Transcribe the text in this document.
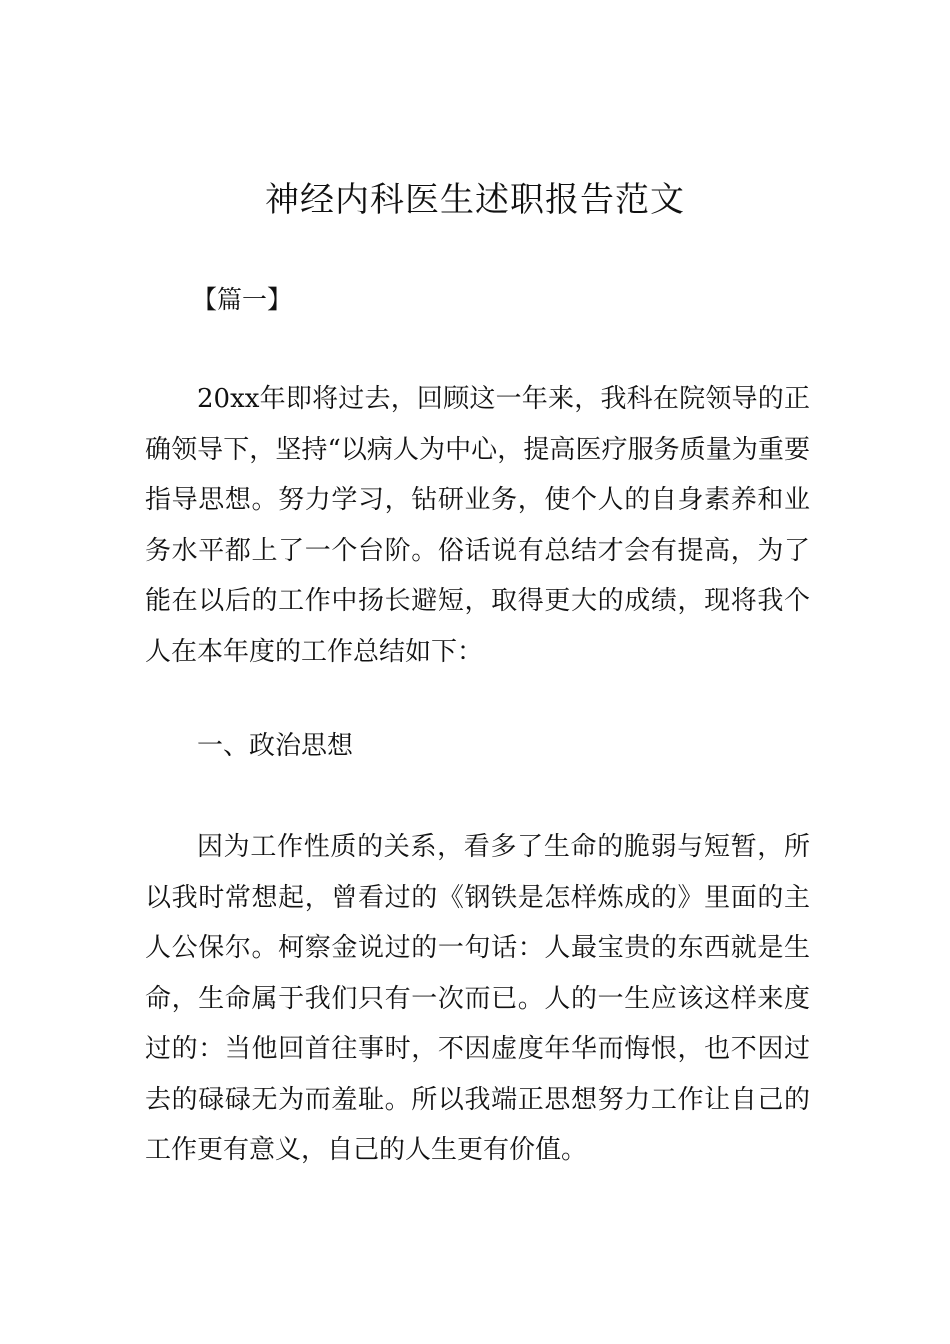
神经内科医生述职报告范文
【篇一】

20xx年即将过去，回顾这一年来，我科在院领导的正确领导下，坚持“以病人为中心，提高医疗服务质量为重要指导思想。努力学习，钻研业务，使个人的自身素养和业务水平都上了一个台阶。俗话说有总结才会有提高，为了能在以后的工作中扬长避短，取得更大的成绩，现将我个人在本年度的工作总结如下：

一、政治思想

因为工作性质的关系，看多了生命的脆弱与短暂，所以我时常想起，曾看过的《钢铁是怎样炼成的》里面的主人公保尔。柯察金说过的一句话：人最宝贵的东西就是生命，生命属于我们只有一次而已。人的一生应该这样来度过的：当他回首往事时，不因虚度年华而悔恨，也不因过去的碌碌无为而羞耻。所以我端正思想努力工作让自己的工作更有意义，自己的人生更有价值。
